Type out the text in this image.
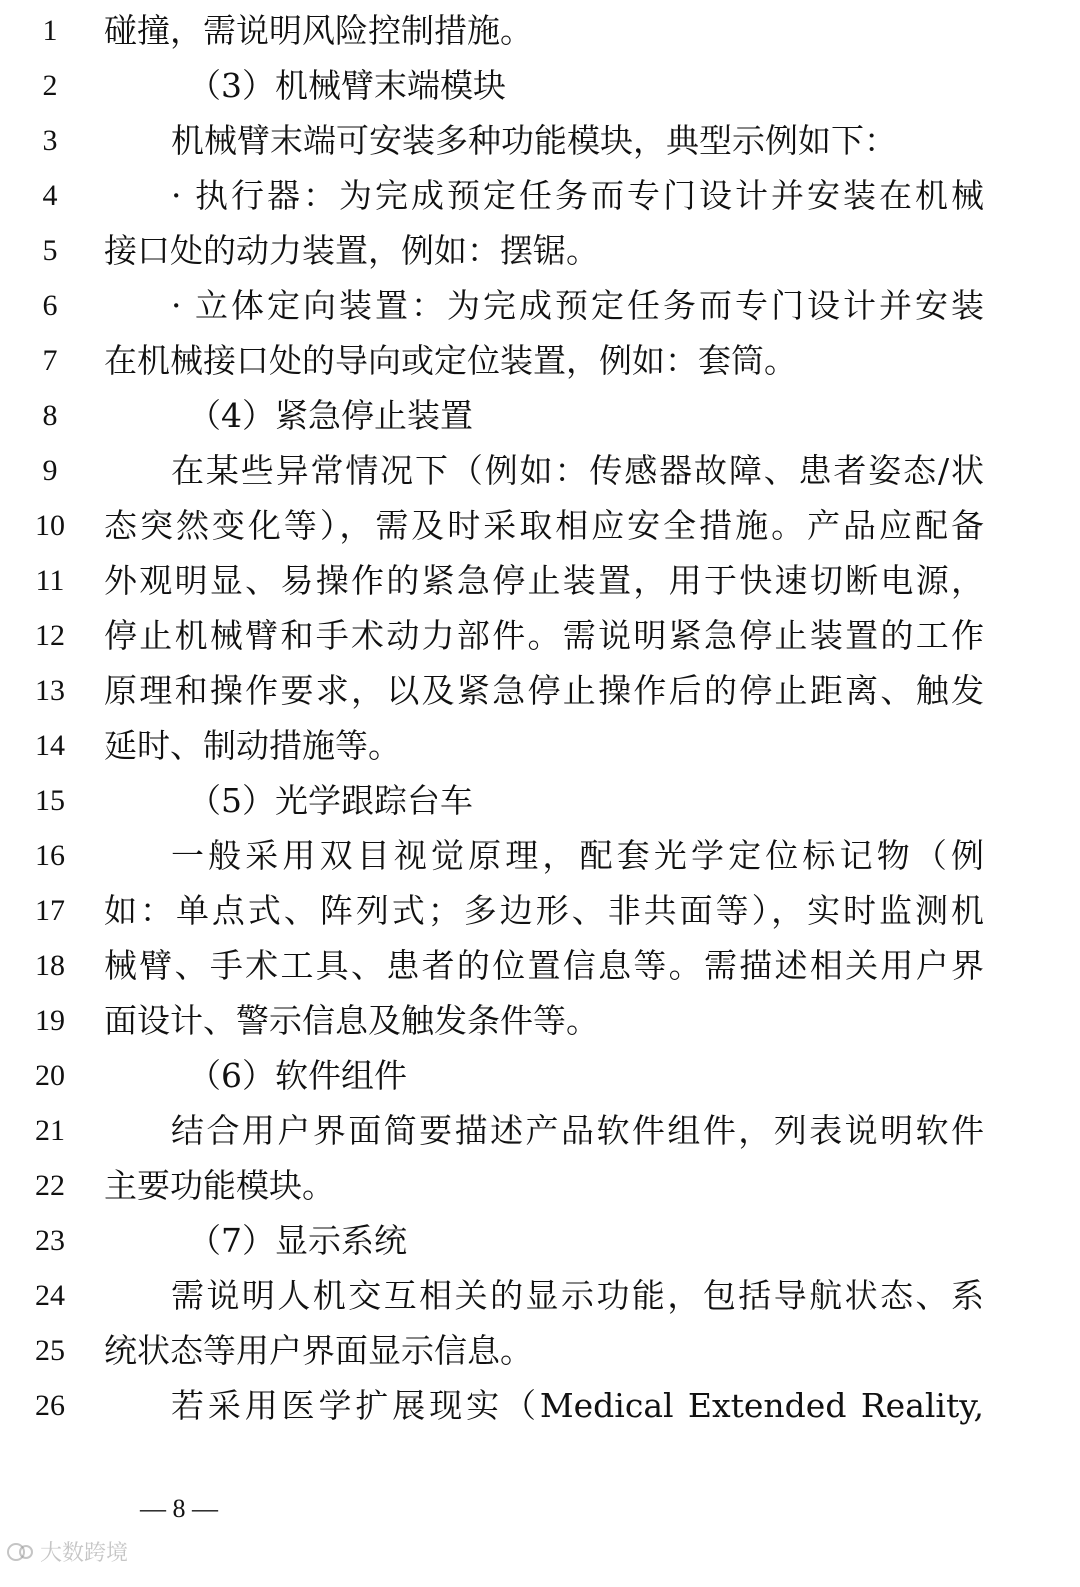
1	碰撞，需说明风险控制措施。
2	（3）机械臂末端模块
3	机械臂末端可安装多种功能模块，典型示例如下：
4	· 执行器：为完成预定任务而专门设计并安装在机械
5	接口处的动力装置，例如：摆锯。
6	· 立体定向装置：为完成预定任务而专门设计并安装
7	在机械接口处的导向或定位装置，例如：套筒。
8	（4）紧急停止装置
9	在某些异常情况下（例如：传感器故障、患者姿态/状
10	态突然变化等），需及时采取相应安全措施。产品应配备
11	外观明显、易操作的紧急停止装置，用于快速切断电源，
12	停止机械臂和手术动力部件。需说明紧急停止装置的工作
13	原理和操作要求，以及紧急停止操作后的停止距离、触发
14	延时、制动措施等。
15	（5）光学跟踪台车
16	一般采用双目视觉原理，配套光学定位标记物（例
17	如：单点式、阵列式；多边形、非共面等），实时监测机
18	械臂、手术工具、患者的位置信息等。需描述相关用户界
19	面设计、警示信息及触发条件等。
20	（6）软件组件
21	结合用户界面简要描述产品软件组件，列表说明软件
22	主要功能模块。
23	（7）显示系统
24	需说明人机交互相关的显示功能，包括导航状态、系
25	统状态等用户界面显示信息。
26	若采用医学扩展现实（Medical Extended Reality,
— 8 —
大数跨境
